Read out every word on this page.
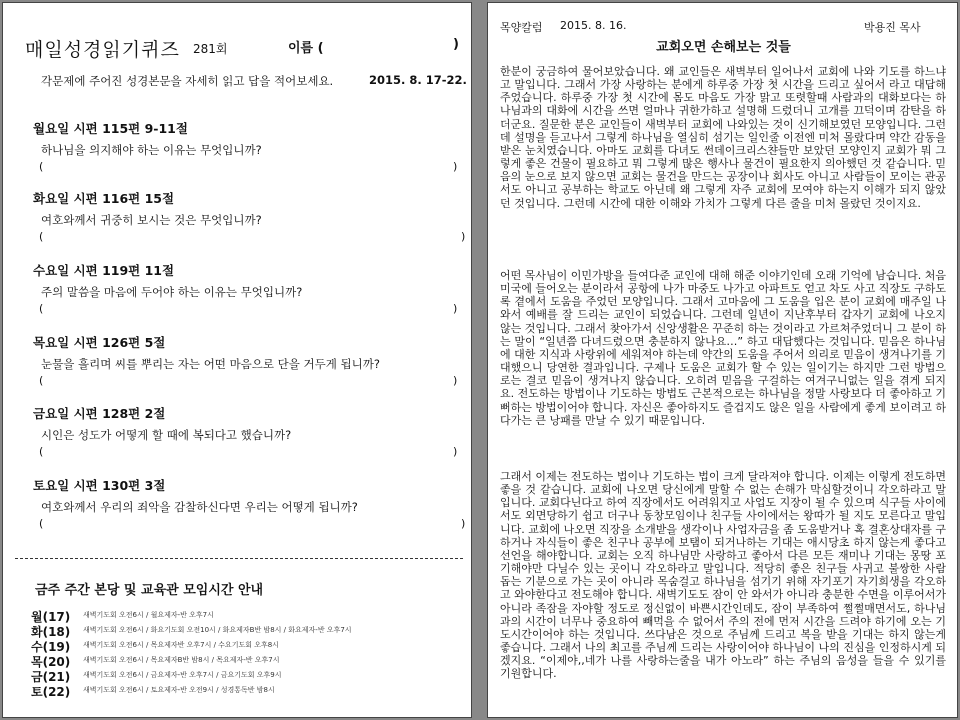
매일성경읽기퀴즈 281회	이름 (	)
각문제에 주어진 성경본문을 자세히 읽고 답을 적어보세요.	2015. 8. 17-22.
월요일 시편 115편 9-11절
하나님을 의지해야 하는 이유는 무엇입니까?
(	)
화요일 시편 116편 15절
여호와께서 귀중히 보시는 것은 무엇입니까?
(	)
수요일 시편 119편 11절
주의 말씀을 마음에 두어야 하는 이유는 무엇입니까?
(	)
목요일 시편 126편 5절
눈물을 흘리며 씨를 뿌리는 자는 어떤 마음으로 단을 거두게 됩니까?
(	)
금요일 시편 128편 2절
시인은 성도가 어떻게 할 때에 복되다고 했습니까?
(	)
토요일 시편 130편 3절
여호와께서 우리의 죄악을 감찰하신다면 우리는 어떻게 됩니까?
(	)
금주 주간 본당 및 교육관 모임시간 안내
월(17) 새벽기도회 오전6시 / 월요제자-반 오후7시
화(18) 새벽기도회 오전6시 / 화요기도회 오전10시 / 화요제자B반 밤8시 / 화요제자-반 오후7시
수(19) 새벽기도회 오전6시 / 목요제자반 오후7시 / 수요기도회 오후8시
목(20) 새벽기도회 오전6시 / 목요제자B반 밤8시 / 목요제자-반 오후7시
금(21) 새벽기도회 오전6시 / 금요제자-반 오후7시 / 금요기도회 오후9시
토(22) 새벽기도회 오전6시 / 토요제자-반 오전9시 / 성경통독반 밤8시
목양칼럼 2015. 8. 16.	박용진 목사
교회오면 손해보는 것들

한분이 궁금하여 물어보았습니다. 왜 교인들은 새벽부터 일어나서 교회에 나와 기도를 하느냐고 말입니다. 그래서 가장 사랑하는 분에게 하루중 가장 첫 시간을 드리고 싶어서 라고 대답해 주었습니다. 하루중 가장 첫 시간에 몸도 마음도 가장 맑고 또렷할때 사람과의 대화보다는 하나님과의 대화에 시간을 쓰면 얼마나 귀한가하고 설명해 드렸더니 고개를 끄덕이며 감탄을 하더군요. 질문한 분은 교인들이 새벽부터 교회에 나와있는 것이 신기해보였던 모양입니다. 그런데 설명을 듣고나서 그렇게 하나님을 열심히 섬기는 일인줄 이전엔 미처 몰랐다며 약간 감동을 받은 눈치였습니다. 아마도 교회를 다녀도 썬데이크리스챤들만 보았던 모양인지 교회가 뭐 그렇게 좋은 건물이 필요하고 뭐 그렇게 많은 행사나 물건이 필요한지 의아했던 것 같습니다. 믿음의 눈으로 보지 않으면 교회는 물건을 만드는 공장이나 회사도 아니고 사람들이 모이는 관공서도 아니고 공부하는 학교도 아닌데 왜 그렇게 자주 교회에 모여야 하는지 이해가 되지 않았던 것입니다. 그런데 시간에 대한 이해와 가치가 그렇게 다른 줄을 미처 몰랐던 것이지요.

어떤 목사님이 이민가방을 들여다준 교인에 대해 해준 이야기인데 오래 기억에 남습니다. 처음 미국에 들어오는 분이라서 공항에 나가 마중도 나가고 아파트도 얻고 차도 사고 직장도 구하도록 곁에서 도움을 주었던 모양입니다. 그래서 고마움에 그 도움을 입은 분이 교회에 매주일 나와서 예배를 잘 드리는 교인이 되었습니다. 그런데 일년이 지난후부터 갑자기 교회에 나오지 않는 것입니다. 그래서 찾아가서 신앙생활은 꾸준히 하는 것이라고 가르쳐주었더니 그 분이 하는 말이 “일년쯤 다녀드렸으면 충분하지 않나요…” 하고 대답했다는 것입니다. 믿음은 하나님에 대한 지식과 사랑위에 세워져야 하는데 약간의 도움을 주어서 의리로 믿음이 생겨나기를 기대했으니 당연한 결과입니다. 구제나 도움은 교회가 할 수 있는 일이기는 하지만 그런 방법으로는 결코 믿음이 생겨나지 않습니다. 오히려 믿음을 구걸하는 여겨구니없는 일을 겪게 되지요. 전도하는 방법이나 기도하는 방법도 근본적으로는 하나님을 정말 사랑보다 더 좋아하고 기뻐하는 방법이어야 합니다. 자신은 좋아하지도 즐겁지도 않은 일을 사람에게 좋게 보이려고 하다가는 큰 낭패를 만날 수 있기 때문입니다.

그래서 이제는 전도하는 법이나 기도하는 법이 크게 달라져야 합니다. 이제는 이렇게 전도하면 좋을 것 같습니다. 교회에 나오면 당신에게 말할 수 없는 손해가 막심할것이니 각오하라고 말입니다. 교회다닌다고 하여 직장에서도 어려워지고 사업도 지장이 될 수 있으며 식구들 사이에서도 외면당하기 쉽고 더구나 동창모임이나 친구들 사이에서는 왕따가 될 지도 모른다고 말입니다. 교회에 나오면 직장을 소개받을 생각이나 사업자금을 좀 도움받거나 혹 결혼상대자를 구하거나 자식들이 좋은 친구나 공부에 보탬이 되거나하는 기대는 애시당초 하지 않는게 좋다고 선언을 해야합니다. 교회는 오직 하나님만 사랑하고 좋아서 다른 모든 재미나 기대는 몽땅 포기해야만 다닐수 있는 곳이니 각오하라고 말입니다. 적당히 좋은 친구들 사귀고 불쌍한 사람 돕는 기분으로 가는 곳이 아니라 목숨걸고 하나님을 섬기기 위해 자기포기 자기희생을 각오하고 와야한다고 전도해야 합니다. 새벽기도도 잠이 안 와서가 아니라 충분한 수면을 이루어서가 아니라 족잠을 자야할 정도로 정신없이 바쁜시간인데도, 잠이 부족하여 쩔쩔매면서도, 하나님과의 시간이 너무나 중요하여 빼먹을 수 없어서 주의 전에 먼저 시간을 드려야 하기에 오는 기도시간이어야 하는 것입니다. 쓰다남은 것으로 주님께 드리고 복을 받을 기대는 하지 않는게 좋습니다. 그래서 나의 최고를 주님께 드리는 사랑이어야 하나님이 나의 진심을 인정하시게 되겠지요. “이제야,,네가 나를 사랑하는줄을 내가 아노라” 하는 주님의 음성을 들을 수 있기를 기원합니다.
